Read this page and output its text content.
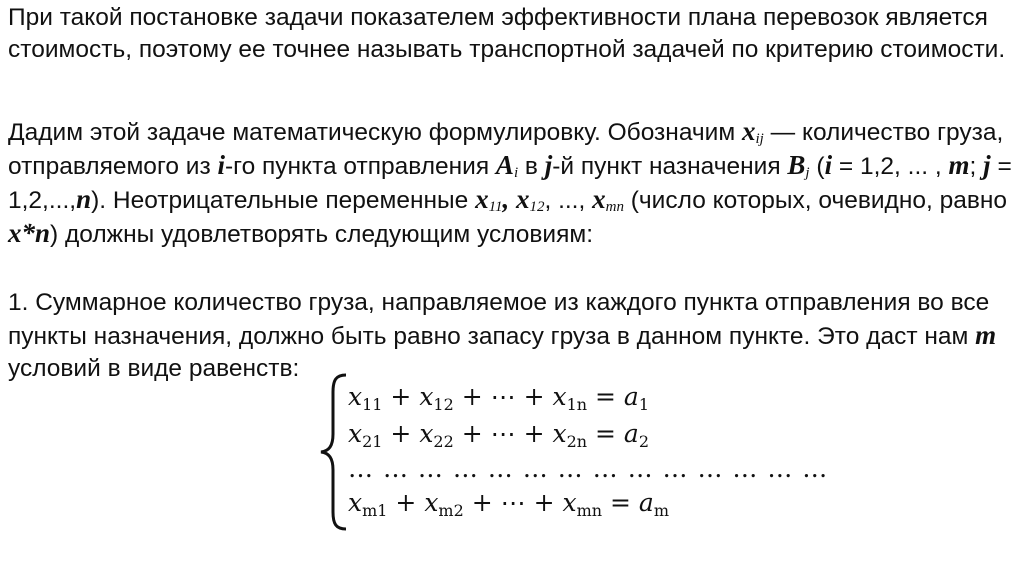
При такой постановке задачи показателем эффективности плана перевозок является стоимость, поэтому ее точнее называть транспортной задачей по критерию стоимости.

Дадим этой задаче математическую формулировку. Обозначим $x_{ij}$ — количество груза, отправляемого из i-го пункта отправления $A_i$ в j-й пункт назначения $B_j$ (i = 1,2, ... , m; j = 1,2,...,n). Неотрицательные переменные $x_{11}$, $x_{12}$, ..., $x_{mn}$ (число которых, очевидно, равно x*n) должны удовлетворять следующим условиям:

1. Суммарное количество груза, направляемое из каждого пункта отправления во все пункты назначения, должно быть равно запасу груза в данном пункте. Это даст нам m условий в виде равенств:

$x_{11} + x_{12}$ + ⋯ + $x_{1n} = a_1$
$x_{21} + x_{22}$ + ⋯ + $x_{2n} = a_2$
… … … … … … … … … … … … … …
$x_{m1} + x_{m2}$ + ⋯ + $x_{mn} = a_m$
